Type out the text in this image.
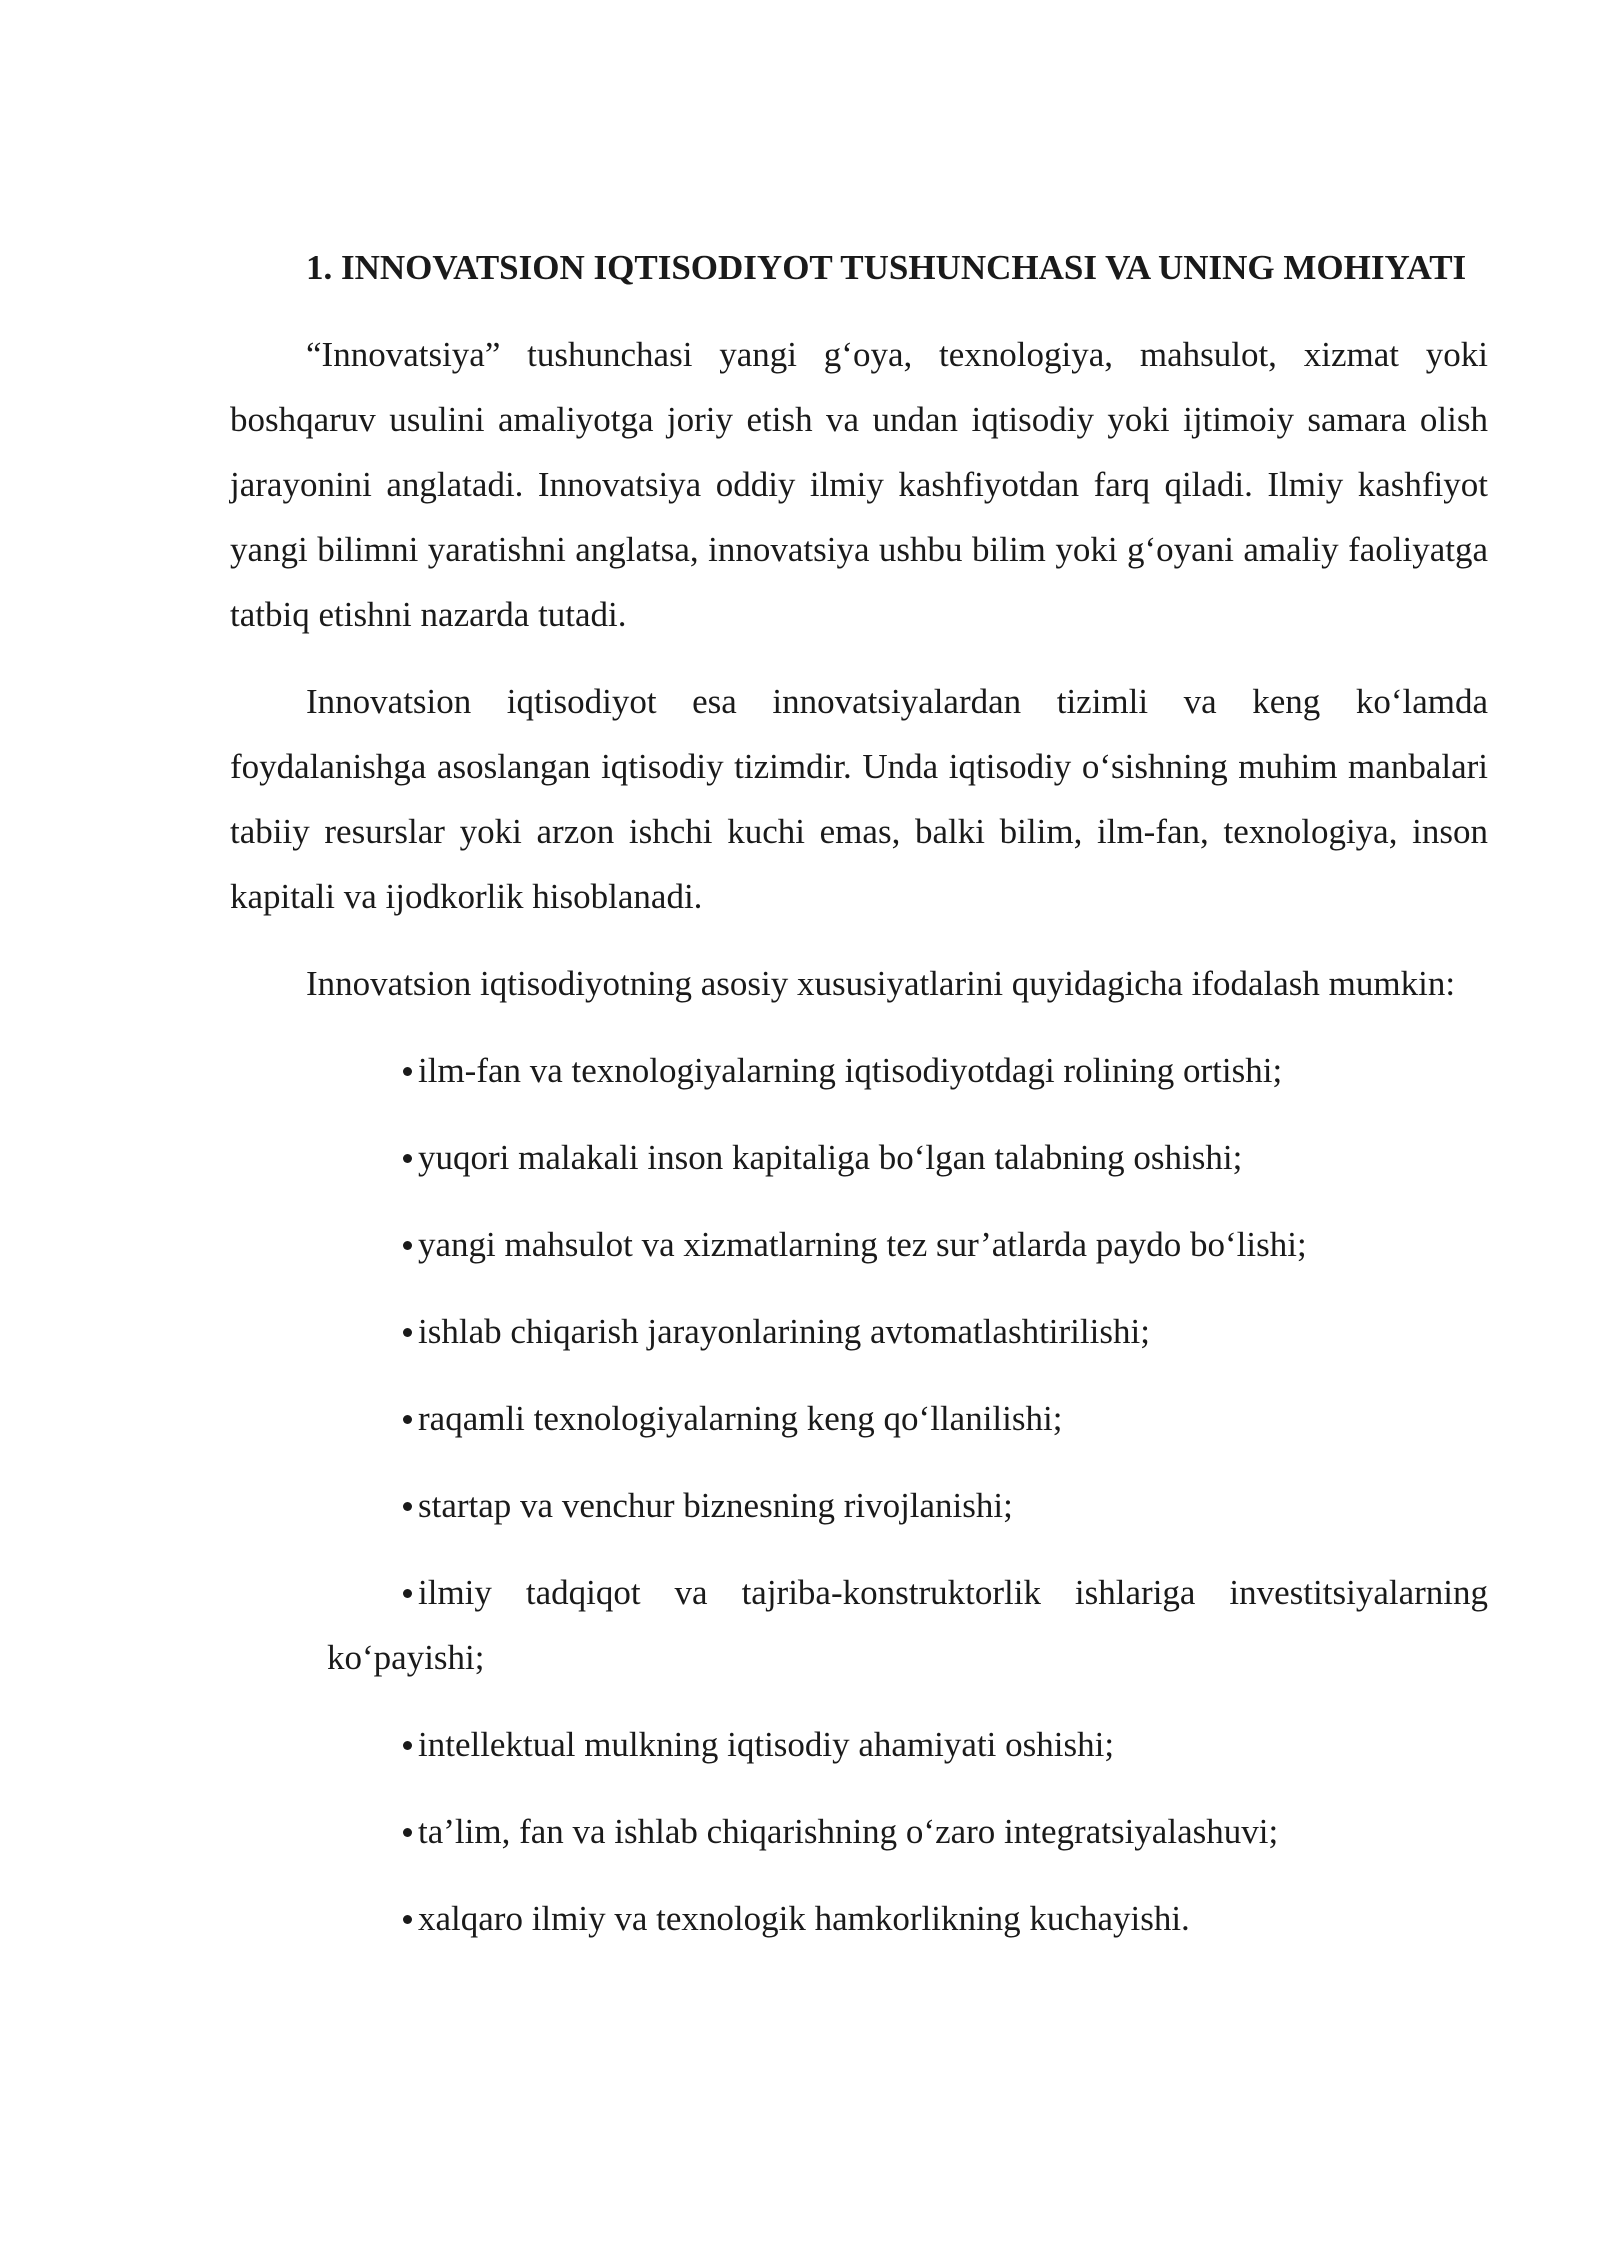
1. INNOVATSION IQTISODIYOT TUSHUNCHASI VA UNING MOHIYATI

“Innovatsiya” tushunchasi yangi g‘oya, texnologiya, mahsulot, xizmat yoki boshqaruv usulini amaliyotga joriy etish va undan iqtisodiy yoki ijtimoiy samara olish jarayonini anglatadi. Innovatsiya oddiy ilmiy kashfiyotdan farq qiladi. Ilmiy kashfiyot yangi bilimni yaratishni anglatsa, innovatsiya ushbu bilim yoki g‘oyani amaliy faoliyatga tatbiq etishni nazarda tutadi.

Innovatsion iqtisodiyot esa innovatsiyalardan tizimli va keng ko‘lamda foydalanishga asoslangan iqtisodiy tizimdir. Unda iqtisodiy o‘sishning muhim manbalari tabiiy resurslar yoki arzon ishchi kuchi emas, balki bilim, ilm-fan, texnologiya, inson kapitali va ijodkorlik hisoblanadi.

Innovatsion iqtisodiyotning asosiy xususiyatlarini quyidagicha ifodalash mumkin:

ilm-fan va texnologiyalarning iqtisodiyotdagi rolining ortishi;
yuqori malakali inson kapitaliga bo‘lgan talabning oshishi;
yangi mahsulot va xizmatlarning tez sur’atlarda paydo bo‘lishi;
ishlab chiqarish jarayonlarining avtomatlashtirilishi;
raqamli texnologiyalarning keng qo‘llanilishi;
startap va venchur biznesning rivojlanishi;
ilmiy tadqiqot va tajriba-konstruktorlik ishlariga investitsiyalarning ko‘payishi;
intellektual mulkning iqtisodiy ahamiyati oshishi;
ta’lim, fan va ishlab chiqarishning o‘zaro integratsiyalashuvi;
xalqaro ilmiy va texnologik hamkorlikning kuchayishi.
